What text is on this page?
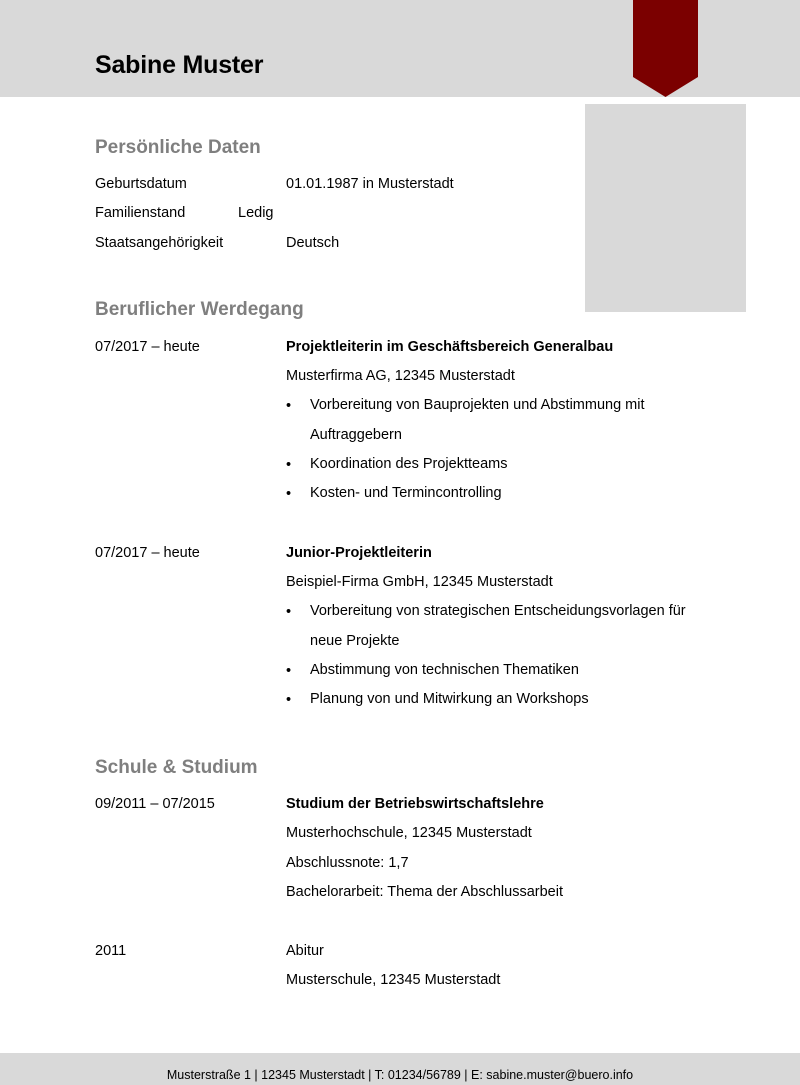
Sabine Muster
Persönliche Daten
Geburtsdatum	01.01.1987 in Musterstadt
Familienstand	Ledig
Staatsangehörigkeit	Deutsch
Beruflicher Werdegang
07/2017 – heute	Projektleiterin im Geschäftsbereich Generalbau
Musterfirma AG, 12345 Musterstadt
•	Vorbereitung von Bauprojekten und Abstimmung mit Auftraggebern
•	Koordination des Projektteams
•	Kosten- und Termincontrolling
07/2017 – heute	Junior-Projektleiterin
Beispiel-Firma GmbH, 12345 Musterstadt
•	Vorbereitung von strategischen Entscheidungsvorlagen für neue Projekte
•	Abstimmung von technischen Thematiken
•	Planung von und Mitwirkung an Workshops
Schule & Studium
09/2011 – 07/2015	Studium der Betriebswirtschaftslehre
Musterhochschule, 12345 Musterstadt
Abschlussnote: 1,7
Bachelorarbeit: Thema der Abschlussarbeit
2011	Abitur
Musterschule, 12345 Musterstadt
Musterstraße 1 | 12345 Musterstadt | T: 01234/56789 | E: sabine.muster@buero.info
